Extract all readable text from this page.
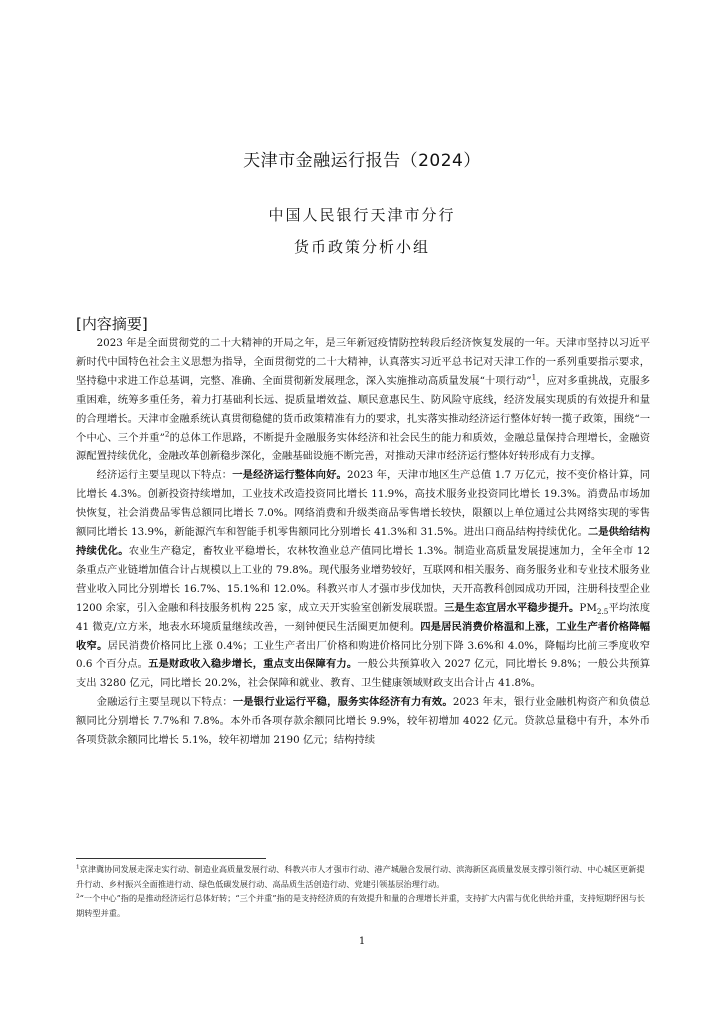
天津市金融运行报告（2024）
中国人民银行天津市分行
货币政策分析小组
[内容摘要]

2023 年是全面贯彻党的二十大精神的开局之年，是三年新冠疫情防控转段后经济恢复发展的一年。天津市坚持以习近平新时代中国特色社会主义思想为指导，全面贯彻党的二十大精神，认真落实习近平总书记对天津工作的一系列重要指示要求，坚持稳中求进工作总基调，完整、准确、全面贯彻新发展理念，深入实施推动高质量发展“十项行动”$^1$，应对多重挑战，克服多重困难，统筹多重任务，着力打基础利长远、提质量增效益、顺民意惠民生、防风险守底线，经济发展实现质的有效提升和量的合理增长。天津市金融系统认真贯彻稳健的货币政策精准有力的要求，扎实落实推动经济运行整体好转一揽子政策，围绕“一个中心、三个并重”$^2$的总体工作思路，不断提升金融服务实体经济和社会民生的能力和质效，金融总量保持合理增长，金融资源配置持续优化，金融改革创新稳步深化，金融基础设施不断完善，对推动天津市经济运行整体好转形成有力支撑。

经济运行主要呈现以下特点：一是经济运行整体向好。2023 年，天津市地区生产总值 1.7 万亿元，按不变价格计算，同比增长 4.3%。创新投资持续增加，工业技术改造投资同比增长 11.9%，高技术服务业投资同比增长 19.3%。消费品市场加快恢复，社会消费品零售总额同比增长 7.0%。网络消费和升级类商品零售增长较快，限额以上单位通过公共网络实现的零售额同比增长 13.9%，新能源汽车和智能手机零售额同比分别增长 41.3%和 31.5%。进出口商品结构持续优化。二是供给结构持续优化。农业生产稳定，畜牧业平稳增长，农林牧渔业总产值同比增长 1.3%。制造业高质量发展提速加力，全年全市 12 条重点产业链增加值合计占规模以上工业的 79.8%。现代服务业增势较好，互联网和相关服务、商务服务业和专业技术服务业营业收入同比分别增长 16.7%、15.1%和 12.0%。科教兴市人才强市步伐加快，天开高教科创园成功开园，注册科技型企业 1200 余家，引入金融和科技服务机构 225 家，成立天开实验室创新发展联盟。三是生态宜居水平稳步提升。$PM_{2.5}$平均浓度 41 微克/立方米，地表水环境质量继续改善，一刻钟便民生活圈更加便利。四是居民消费价格温和上涨，工业生产者价格降幅收窄。居民消费价格同比上涨 0.4%；工业生产者出厂价格和购进价格同比分别下降 3.6%和 4.0%，降幅均比前三季度收窄 0.6 个百分点。五是财政收入稳步增长，重点支出保障有力。一般公共预算收入 2027 亿元，同比增长 9.8%；一般公共预算支出 3280 亿元，同比增长 20.2%，社会保障和就业、教育、卫生健康领域财政支出合计占 41.8%。

金融运行主要呈现以下特点：一是银行业运行平稳，服务实体经济有力有效。2023 年末，银行业金融机构资产和负债总额同比分别增长 7.7%和 7.8%。本外币各项存款余额同比增长 9.9%，较年初增加 4022 亿元。贷款总量稳中有升，本外币各项贷款余额同比增长 5.1%，较年初增加 2190 亿元；结构持续

$^1$京津冀协同发展走深走实行动、制造业高质量发展行动、科教兴市人才强市行动、港产城融合发展行动、滨海新区高质量发展支撑引领行动、中心城区更新提升行动、乡村振兴全面推进行动、绿色低碳发展行动、高品质生活创造行动、党建引领基层治理行动。

$^2$“一个中心”指的是推动经济运行总体好转；“三个并重”指的是支持经济质的有效提升和量的合理增长并重，支持扩大内需与优化供给并重，支持短期纾困与长期转型并重。

1
